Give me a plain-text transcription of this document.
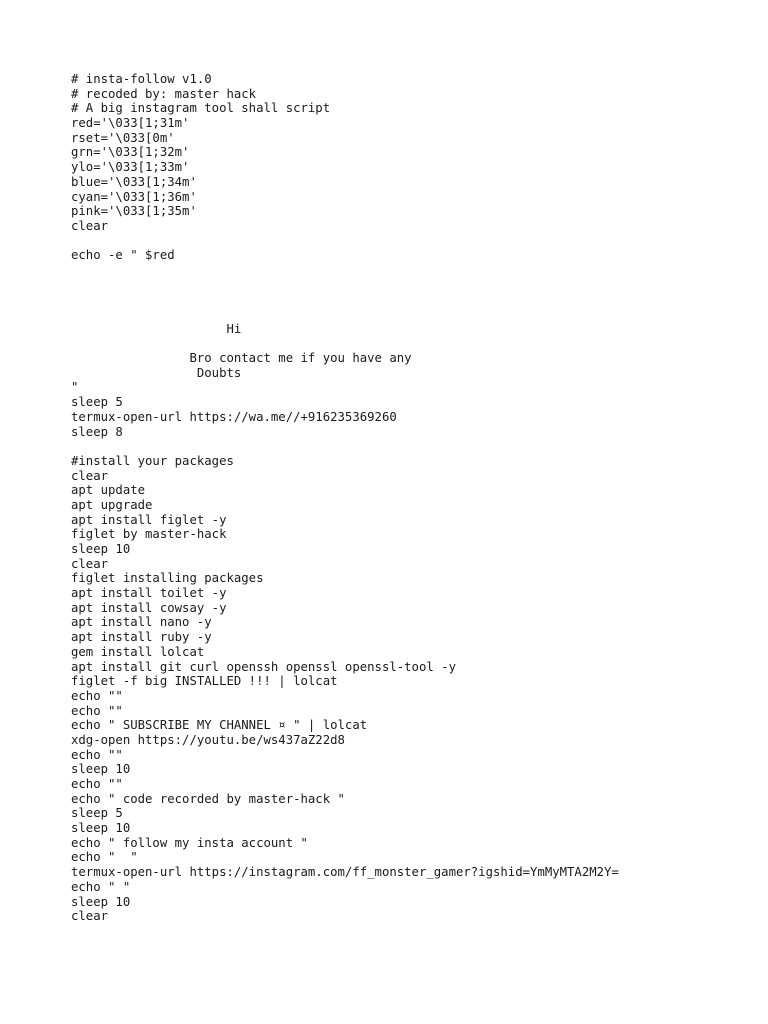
# insta-follow v1.0
# recoded by: master hack
# A big instagram tool shall script
red='\033[1;31m'
rset='\033[0m'
grn='\033[1;32m'
ylo='\033[1;33m'
blue='\033[1;34m'
cyan='\033[1;36m'
pink='\033[1;35m'
clear
echo -e " $red
Hi
Bro contact me if you have any
Doubts
"
sleep 5
termux-open-url https://wa.me//+916235369260
sleep 8
#install your packages
clear
apt update
apt upgrade
apt install figlet -y
figlet by master-hack
sleep 10
clear
figlet installing packages
apt install toilet -y
apt install cowsay -y
apt install nano -y
apt install ruby -y
gem install lolcat
apt install git curl openssh openssl openssl-tool -y
figlet -f big INSTALLED !!! | lolcat
echo ""
echo ""
echo " SUBSCRIBE MY CHANNEL ¤ " | lolcat
xdg-open https://youtu.be/ws437aZ22d8
echo ""
sleep 10
echo ""
echo " code recorded by master-hack "
sleep 5
sleep 10
echo " follow my insta account "
echo "  "
termux-open-url https://instagram.com/ff_monster_gamer?igshid=YmMyMTA2M2Y=
echo " "
sleep 10
clear
